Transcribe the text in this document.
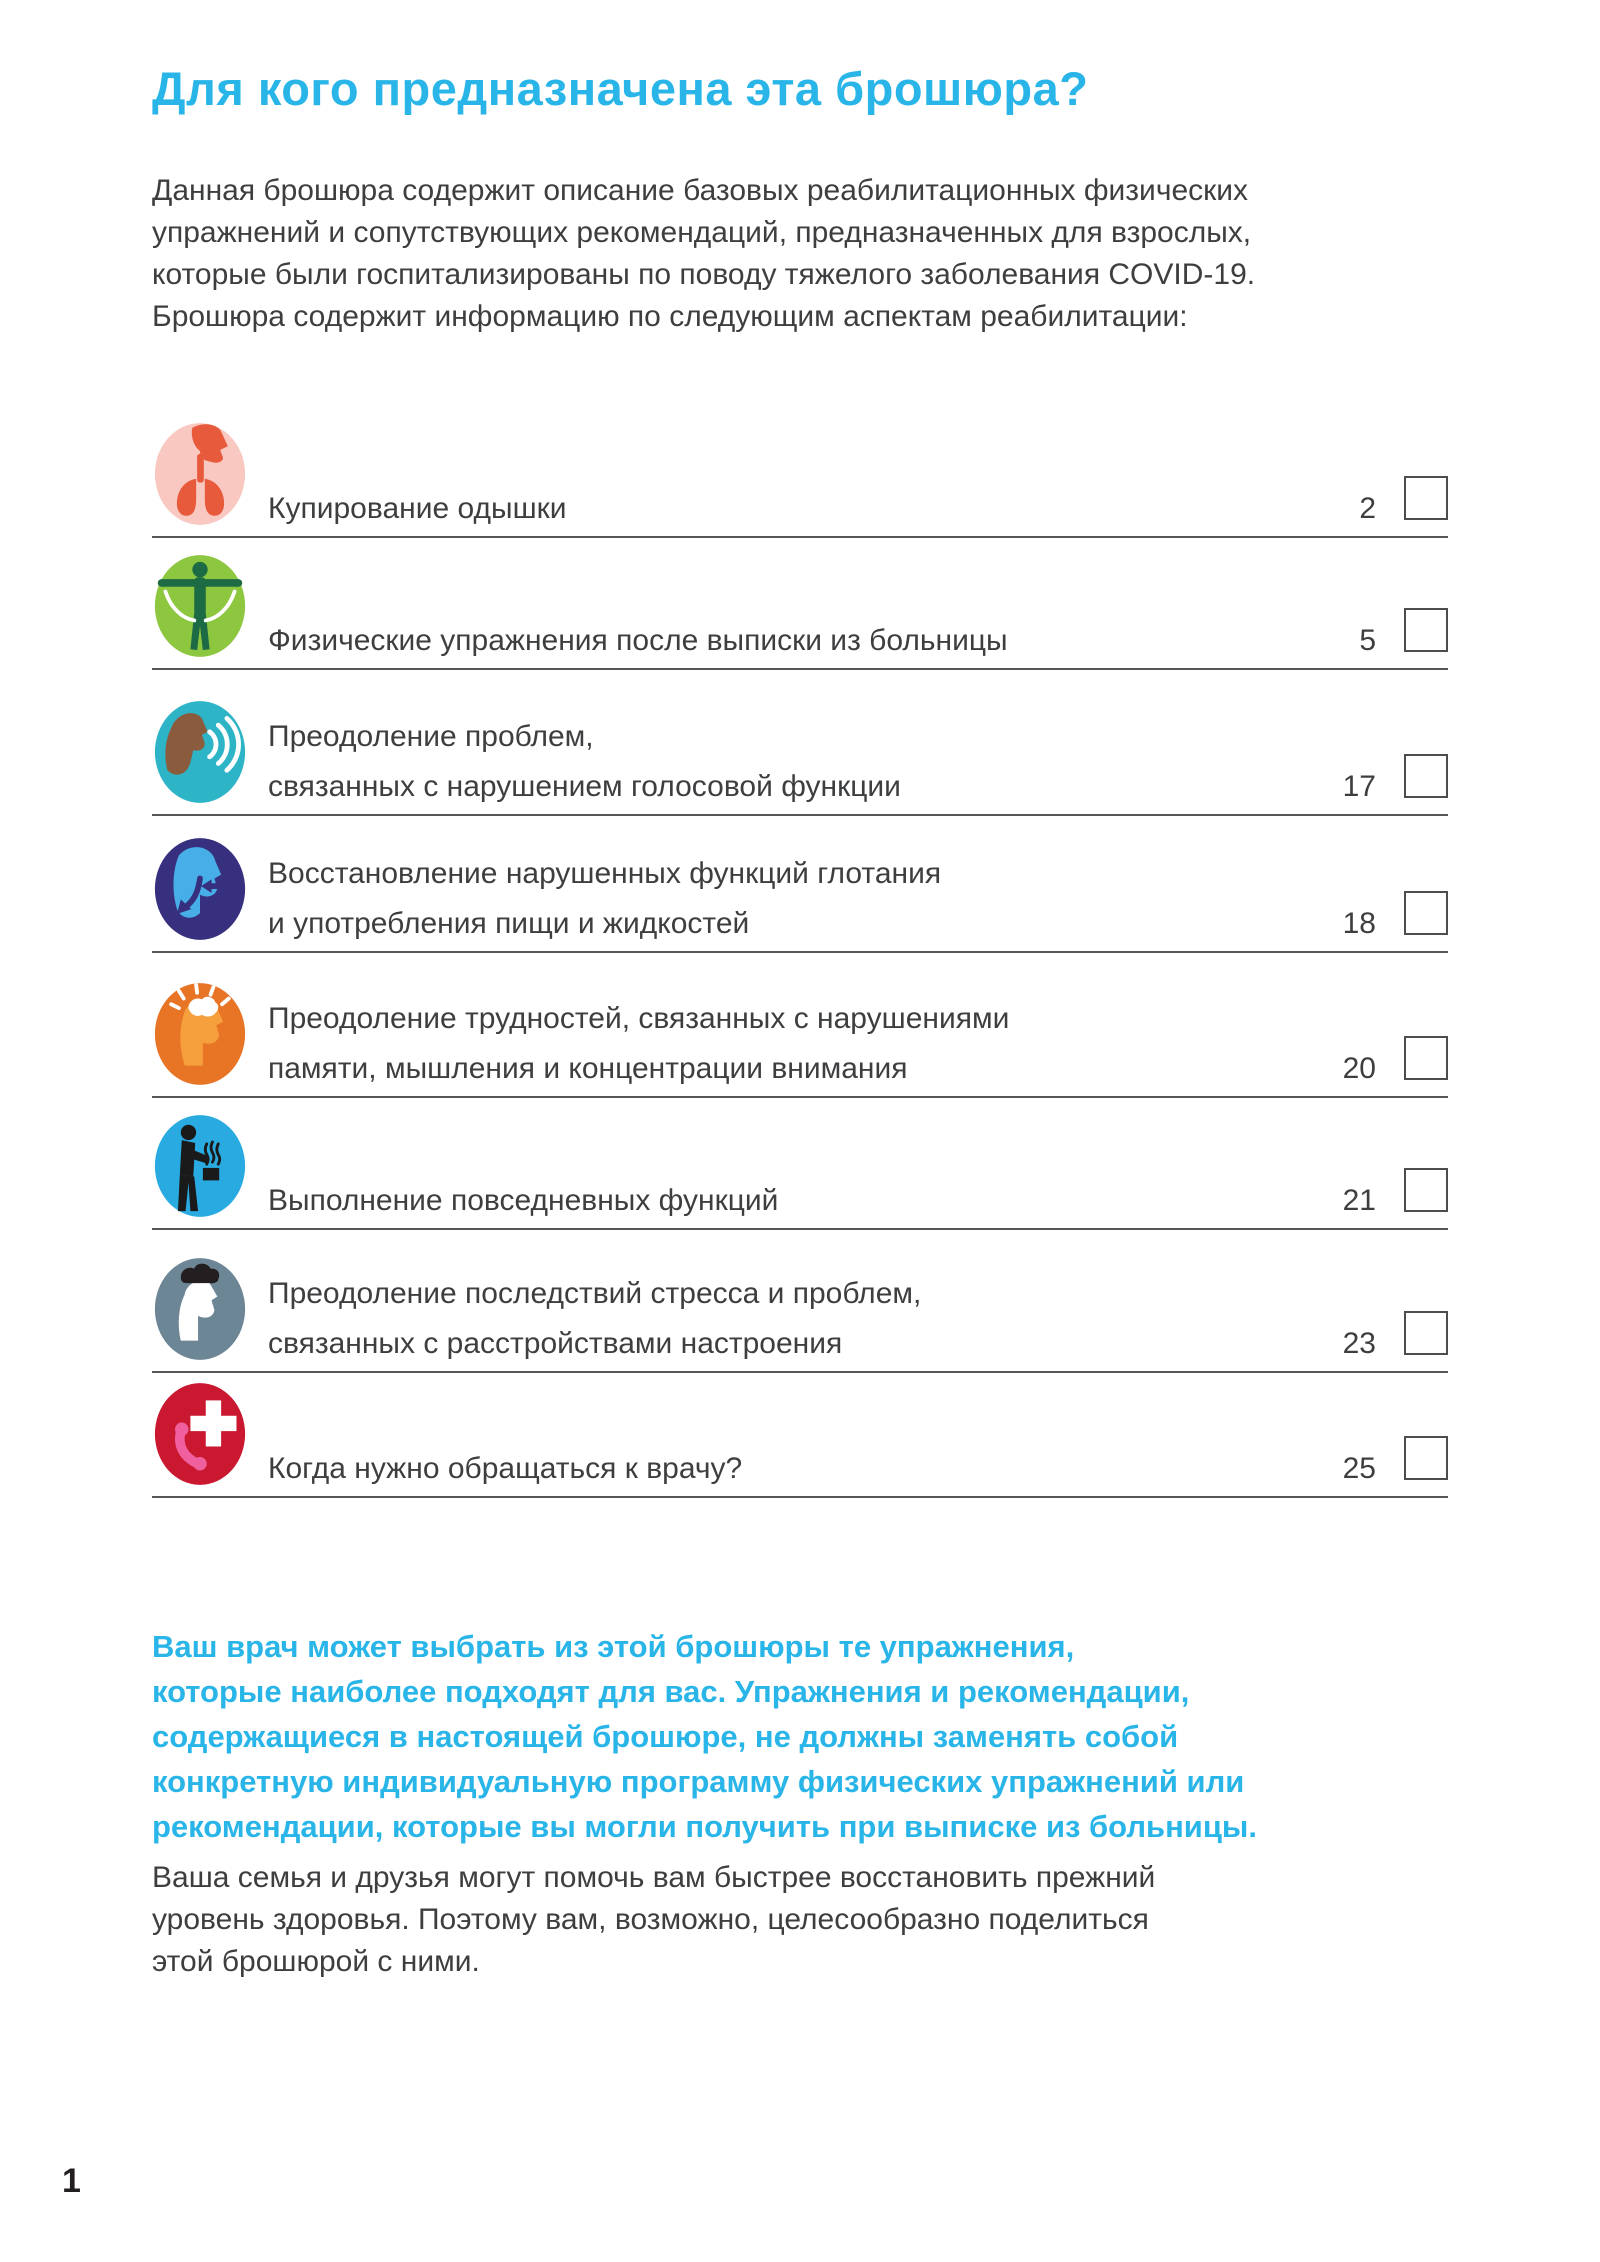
Для кого предназначена эта брошюра?
Данная брошюра содержит описание базовых реабилитационных физических
упражнений и сопутствующих рекомендаций, предназначенных для взрослых,
которые были госпитализированы по поводу тяжелого заболевания COVID-19.
Брошюра содержит информацию по следующим аспектам реабилитации:
Купирование одышки	2
Физические упражнения после выписки из больницы	5
Преодоление проблем,
связанных с нарушением голосовой функции	17
Восстановление нарушенных функций глотания
и употребления пищи и жидкостей	18
Преодоление трудностей, связанных с нарушениями
памяти, мышления и концентрации внимания	20
Выполнение повседневных функций	21
Преодоление последствий стресса и проблем,
связанных с расстройствами настроения	23
Когда нужно обращаться к врачу?	25
Ваш врач может выбрать из этой брошюры те упражнения,
которые наиболее подходят для вас. Упражнения и рекомендации,
содержащиеся в настоящей брошюре, не должны заменять собой
конкретную индивидуальную программу физических упражнений или
рекомендации, которые вы могли получить при выписке из больницы.
Ваша семья и друзья могут помочь вам быстрее восстановить прежний
уровень здоровья. Поэтому вам, возможно, целесообразно поделиться
этой брошюрой с ними.
1
